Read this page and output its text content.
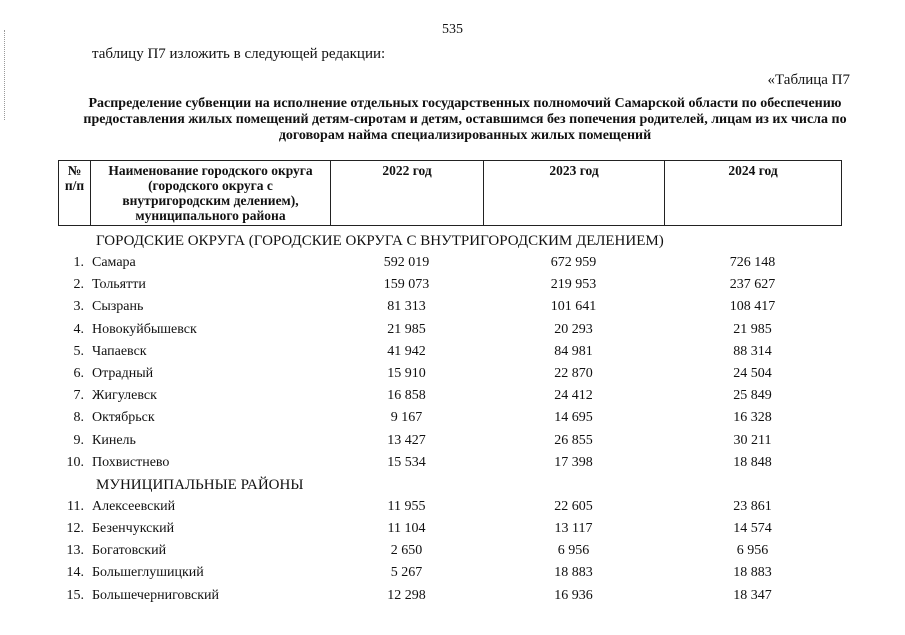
535
таблицу П7 изложить в следующей редакции:
«Таблица П7
Распределение субвенции на исполнение отдельных государственных полномочий Самарской области по обеспечению предоставления жилых помещений детям-сиротам и детям, оставшимся без попечения родителей, лицам из их числа по договорам найма специализированных жилых помещений
№ п/п	Наименование городского округа (городского округа с внутригородским делением), муниципального района	2022 год	2023 год	2024 год
ГОРОДСКИЕ ОКРУГА (ГОРОДСКИЕ ОКРУГА С ВНУТРИГОРОДСКИМ ДЕЛЕНИЕМ)
1. Самара	592 019	672 959	726 148
2. Тольятти	159 073	219 953	237 627
3. Сызрань	81 313	101 641	108 417
4. Новокуйбышевск	21 985	20 293	21 985
5. Чапаевск	41 942	84 981	88 314
6. Отрадный	15 910	22 870	24 504
7. Жигулевск	16 858	24 412	25 849
8. Октябрьск	9 167	14 695	16 328
9. Кинель	13 427	26 855	30 211
10. Похвистнево	15 534	17 398	18 848
МУНИЦИПАЛЬНЫЕ РАЙОНЫ
11. Алексеевский	11 955	22 605	23 861
12. Безенчукский	11 104	13 117	14 574
13. Богатовский	2 650	6 956	6 956
14. Большеглушицкий	5 267	18 883	18 883
15. Большечерниговский	12 298	16 936	18 347
